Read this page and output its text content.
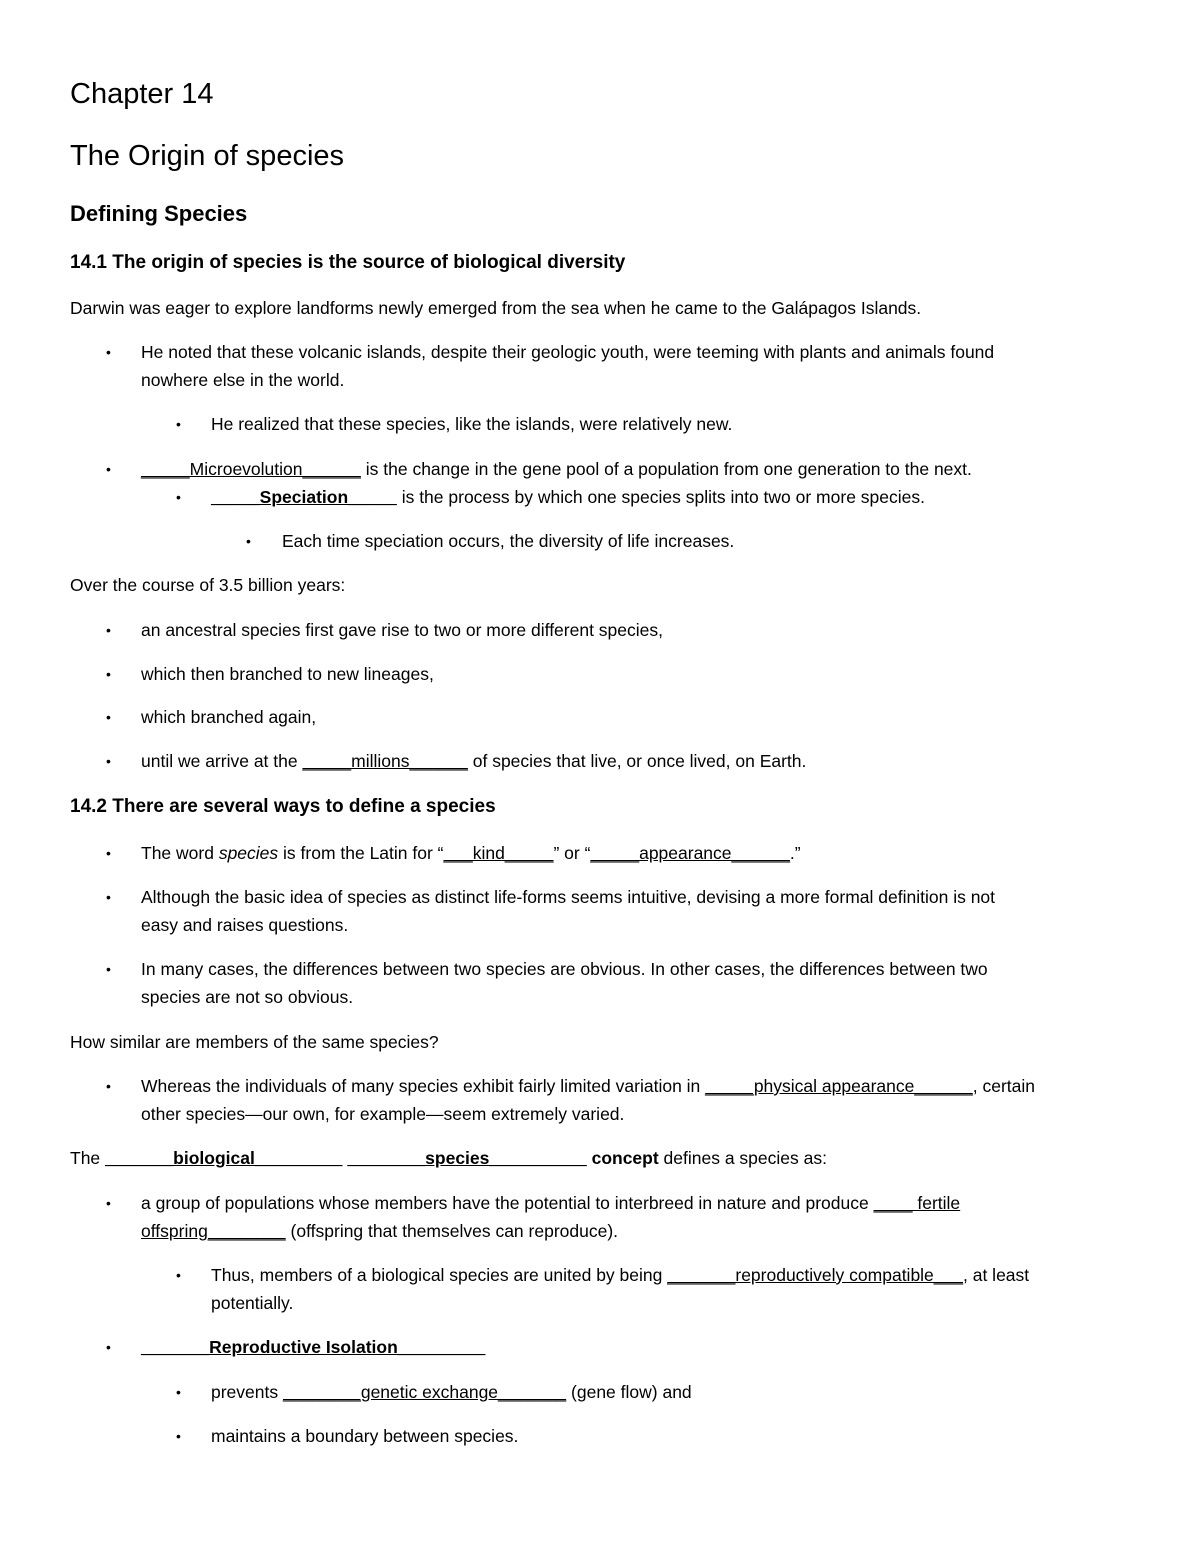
Chapter 14
The Origin of species
Defining Species
14.1 The origin of species is the source of biological diversity
Darwin was eager to explore landforms newly emerged from the sea when he came to the Galápagos Islands.
• He noted that these volcanic islands, despite their geologic youth, were teeming with plants and animals found
nowhere else in the world.
• He realized that these species, like the islands, were relatively new.
• _____Microevolution______ is the change in the gene pool of a population from one generation to the next.
• _____Speciation_____ is the process by which one species splits into two or more species.
• Each time speciation occurs, the diversity of life increases.
Over the course of 3.5 billion years:
• an ancestral species first gave rise to two or more different species,
• which then branched to new lineages,
• which branched again,
• until we arrive at the _____millions______ of species that live, or once lived, on Earth.
14.2 There are several ways to define a species
• The word species is from the Latin for “___kind_____” or “_____appearance______.”
• Although the basic idea of species as distinct life-forms seems intuitive, devising a more formal definition is not
easy and raises questions.
• In many cases, the differences between two species are obvious. In other cases, the differences between two
species are not so obvious.
How similar are members of the same species?
• Whereas the individuals of many species exhibit fairly limited variation in _____physical appearance______, certain
other species—our own, for example—seem extremely varied.
The _______biological_________ ________species__________ concept defines a species as:
• a group of populations whose members have the potential to interbreed in nature and produce ____ fertile
offspring________ (offspring that themselves can reproduce).
• Thus, members of a biological species are united by being _______reproductively compatible___, at least
potentially.
• _______Reproductive Isolation_________
• prevents ________genetic exchange_______ (gene flow) and
• maintains a boundary between species.
